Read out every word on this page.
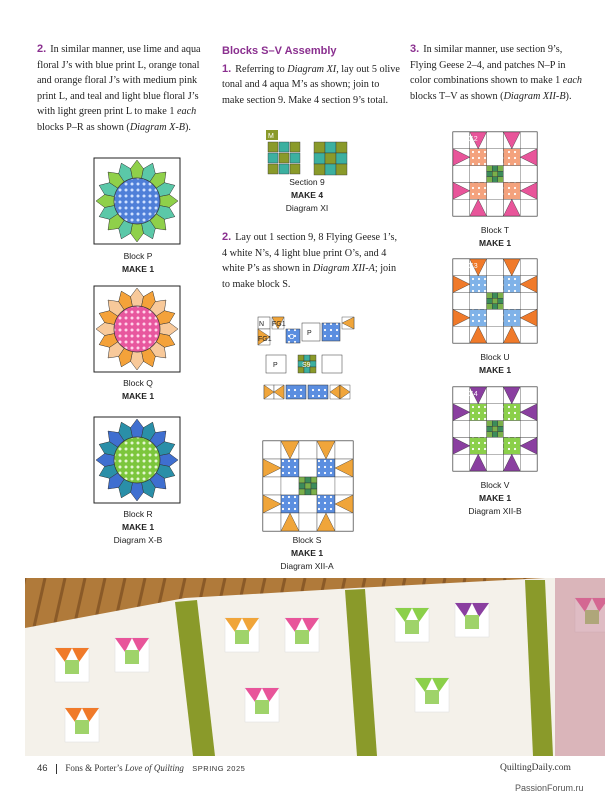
2. In similar manner, use lime and aqua floral J’s with blue print L, orange tonal and orange floral J’s with medium pink print L, and teal and light blue floral J’s with light green print L to make 1 each blocks P–R as shown (Diagram X-B).

Block P
MAKE 1
Block Q
MAKE 1
Block R
MAKE 1
Diagram X-B

Blocks S–V Assembly

1. Referring to Diagram XI, lay out 5 olive tonal and 4 aqua M’s as shown; join to make section 9. Make 4 section 9’s total.

M
Section 9
MAKE 4
Diagram XI

2. Lay out 1 section 9, 8 Flying Geese 1’s, 4 white N’s, 4 light blue print O’s, and 4 white P’s as shown in Diagram XII-A; join to make block S.

N FG1
O
FG1
P
P	S9
Block S
MAKE 1
Diagram XII-A

3. In similar manner, use section 9’s, Flying Geese 2–4, and patches N–P in color combinations shown to make 1 each blocks T–V as shown (Diagram XII-B).

FG2
Block T
MAKE 1
FG3
Block U
MAKE 1
FG4
Block V
MAKE 1
Diagram XII-B
46 Fons & Porter’s Love of Quilting SPRING 2025	QuiltingDaily.com
PassionForum.ru
